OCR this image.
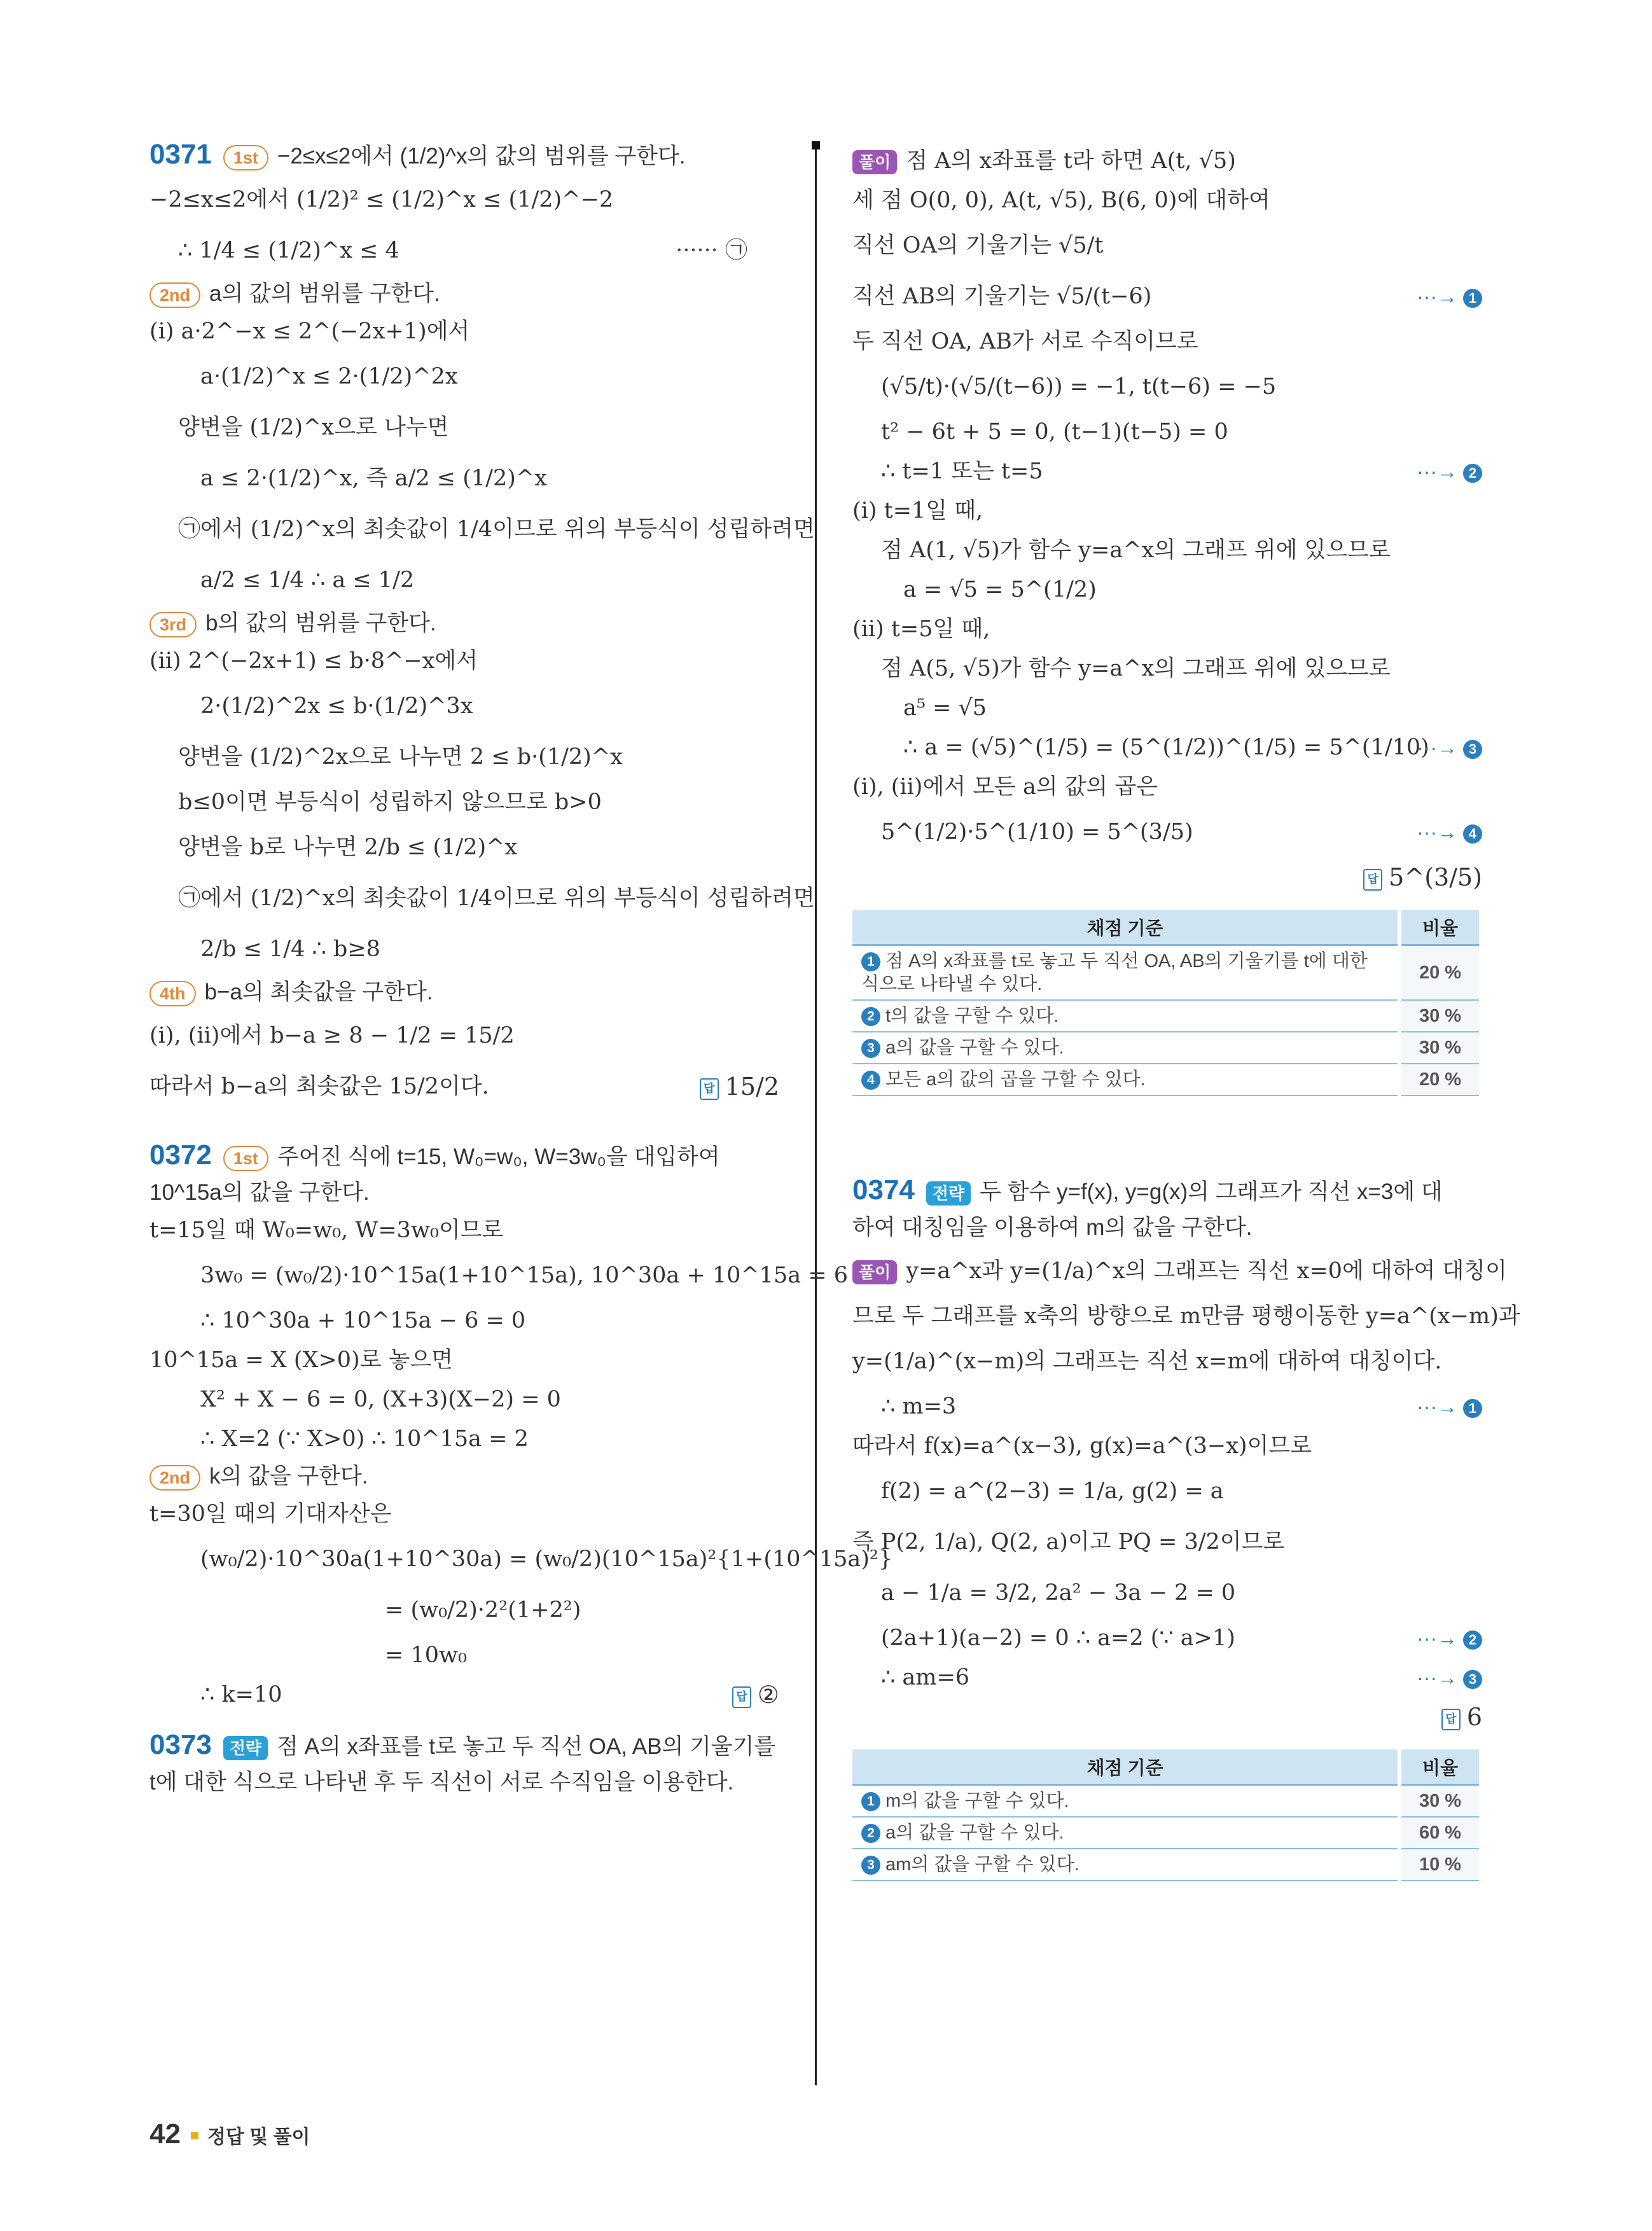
0371 1st −2≤x≤2에서 (1/2)^x의 값의 범위를 구한다.
−2≤x≤2에서 (1/2)² ≤ (1/2)^x ≤ (1/2)^−2
∴ 1/4 ≤ (1/2)^x ≤ 4	······ ㉠
2nd a의 값의 범위를 구한다.
(ⅰ) a·2^−x ≤ 2^(−2x+1)에서
a·(1/2)^x ≤ 2·(1/2)^2x
양변을 (1/2)^x으로 나누면
a ≤ 2·(1/2)^x, 즉 a/2 ≤ (1/2)^x
㉠에서 (1/2)^x의 최솟값이 1/4이므로 위의 부등식이 성립하려면
a/2 ≤ 1/4 ∴ a ≤ 1/2
3rd b의 값의 범위를 구한다.
(ⅱ) 2^(−2x+1) ≤ b·8^−x에서
2·(1/2)^2x ≤ b·(1/2)^3x
양변을 (1/2)^2x으로 나누면 2 ≤ b·(1/2)^x
b≤0이면 부등식이 성립하지 않으므로 b>0
양변을 b로 나누면 2/b ≤ (1/2)^x
㉠에서 (1/2)^x의 최솟값이 1/4이므로 위의 부등식이 성립하려면
2/b ≤ 1/4 ∴ b≥8
4th b−a의 최솟값을 구한다.
(ⅰ), (ⅱ)에서 b−a ≥ 8 − 1/2 = 15/2
따라서 b−a의 최솟값은 15/2이다.	답 15/2
0372 1st 주어진 식에 t=15, W₀=w₀, W=3w₀을 대입하여
10^15a의 값을 구한다.
t=15일 때 W₀=w₀, W=3w₀이므로
3w₀ = (w₀/2)·10^15a(1+10^15a), 10^30a + 10^15a = 6
∴ 10^30a + 10^15a − 6 = 0
10^15a = X (X>0)로 놓으면
X² + X − 6 = 0, (X+3)(X−2) = 0
∴ X=2 (∵ X>0) ∴ 10^15a = 2
2nd k의 값을 구한다.
t=30일 때의 기대자산은
(w₀/2)·10^30a(1+10^30a) = (w₀/2)(10^15a)²{1+(10^15a)²}
= (w₀/2)·2²(1+2²)
= 10w₀
∴ k=10	답 ②
0373 전략 점 A의 x좌표를 t로 놓고 두 직선 OA, AB의 기울기를
t에 대한 식으로 나타낸 후 두 직선이 서로 수직임을 이용한다.
풀이 점 A의 x좌표를 t라 하면 A(t, √5)
세 점 O(0, 0), A(t, √5), B(6, 0)에 대하여
직선 OA의 기울기는 √5/t
직선 AB의 기울기는 √5/(t−6)	···→ 1
두 직선 OA, AB가 서로 수직이므로
(√5/t)·(√5/(t−6)) = −1, t(t−6) = −5
t² − 6t + 5 = 0, (t−1)(t−5) = 0
∴ t=1 또는 t=5	···→ 2
(ⅰ) t=1일 때,
점 A(1, √5)가 함수 y=a^x의 그래프 위에 있으므로
a = √5 = 5^(1/2)
(ⅱ) t=5일 때,
점 A(5, √5)가 함수 y=a^x의 그래프 위에 있으므로
a⁵ = √5
∴ a = (√5)^(1/5) = (5^(1/2))^(1/5) = 5^(1/10)
···→ 3
(ⅰ), (ⅱ)에서 모든 a의 값의 곱은
5^(1/2)·5^(1/10) = 5^(3/5)	···→ 4
답 5^(3/5)
채점 기준	비율
1 점 A의 x좌표를 t로 놓고 두 직선 OA, AB의 기울기를 t에 대한 식으로 나타낼 수 있다.	20 %
2 t의 값을 구할 수 있다.	30 %
3 a의 값을 구할 수 있다.	30 %
4 모든 a의 값의 곱을 구할 수 있다.	20 %
0374 전략 두 함수 y=f(x), y=g(x)의 그래프가 직선 x=3에 대
하여 대칭임을 이용하여 m의 값을 구한다.
풀이 y=a^x과 y=(1/a)^x의 그래프는 직선 x=0에 대하여 대칭이
므로 두 그래프를 x축의 방향으로 m만큼 평행이동한 y=a^(x−m)과
y=(1/a)^(x−m)의 그래프는 직선 x=m에 대하여 대칭이다.
∴ m=3	···→ 1
따라서 f(x)=a^(x−3), g(x)=a^(3−x)이므로
f(2) = a^(2−3) = 1/a, g(2) = a
즉 P(2, 1/a), Q(2, a)이고 PQ = 3/2이므로
a − 1/a = 3/2, 2a² − 3a − 2 = 0
(2a+1)(a−2) = 0 ∴ a=2 (∵ a>1)	···→ 2
∴ am=6	···→ 3
답 6
채점 기준	비율
1 m의 값을 구할 수 있다.	30 %
2 a의 값을 구할 수 있다.	60 %
3 am의 값을 구할 수 있다.	10 %
42 정답 및 풀이
